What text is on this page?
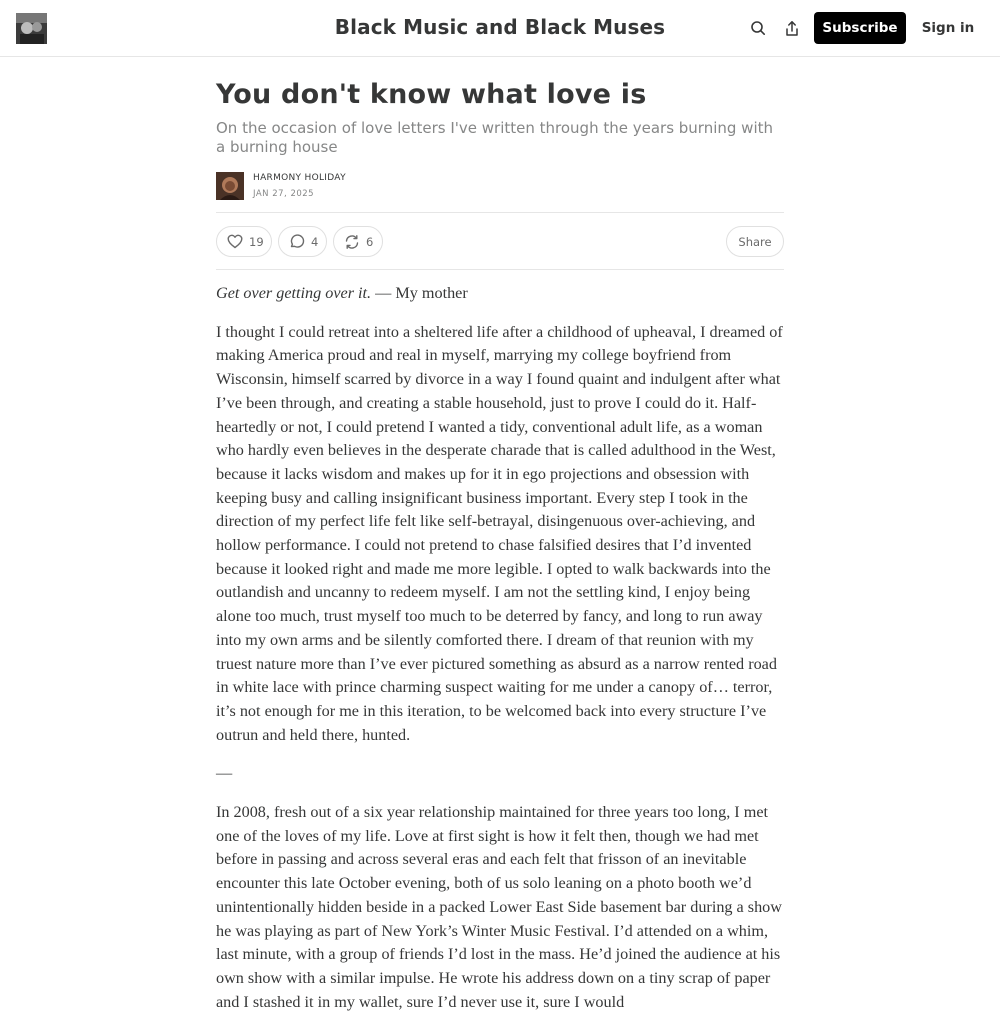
Black Music and Black Muses	Subscribe	Sign in
You don't know what love is
On the occasion of love letters I've written through the years burning with a burning house
HARMONY HOLIDAY
JAN 27, 2025
19	4	6	Share

Get over getting over it. — My mother

I thought I could retreat into a sheltered life after a childhood of upheaval, I dreamed of making America proud and real in myself, marrying my college boyfriend from Wisconsin, himself scarred by divorce in a way I found quaint and indulgent after what I’ve been through, and creating a stable household, just to prove I could do it. Half-heartedly or not, I could pretend I wanted a tidy, conventional adult life, as a woman who hardly even believes in the desperate charade that is called adulthood in the West, because it lacks wisdom and makes up for it in ego projections and obsession with keeping busy and calling insignificant business important. Every step I took in the direction of my perfect life felt like self-betrayal, disingenuous over-achieving, and hollow performance. I could not pretend to chase falsified desires that I’d invented because it looked right and made me more legible. I opted to walk backwards into the outlandish and uncanny to redeem myself. I am not the settling kind, I enjoy being alone too much, trust myself too much to be deterred by fancy, and long to run away into my own arms and be silently comforted there. I dream of that reunion with my truest nature more than I’ve ever pictured something as absurd as a narrow rented road in white lace with prince charming suspect waiting for me under a canopy of… terror, it’s not enough for me in this iteration, to be welcomed back into every structure I’ve outrun and held there, hunted.

—

In 2008, fresh out of a six year relationship maintained for three years too long, I met one of the loves of my life. Love at first sight is how it felt then, though we had met before in passing and across several eras and each felt that frisson of an inevitable encounter this late October evening, both of us solo leaning on a photo booth we’d unintentionally hidden beside in a packed Lower East Side basement bar during a show he was playing as part of New York’s Winter Music Festival. I’d attended on a whim, last minute, with a group of friends I’d lost in the mass. He’d joined the audience at his own show with a similar impulse. He wrote his address down on a tiny scrap of paper and I stashed it in my wallet, sure I’d never use it, sure I would
